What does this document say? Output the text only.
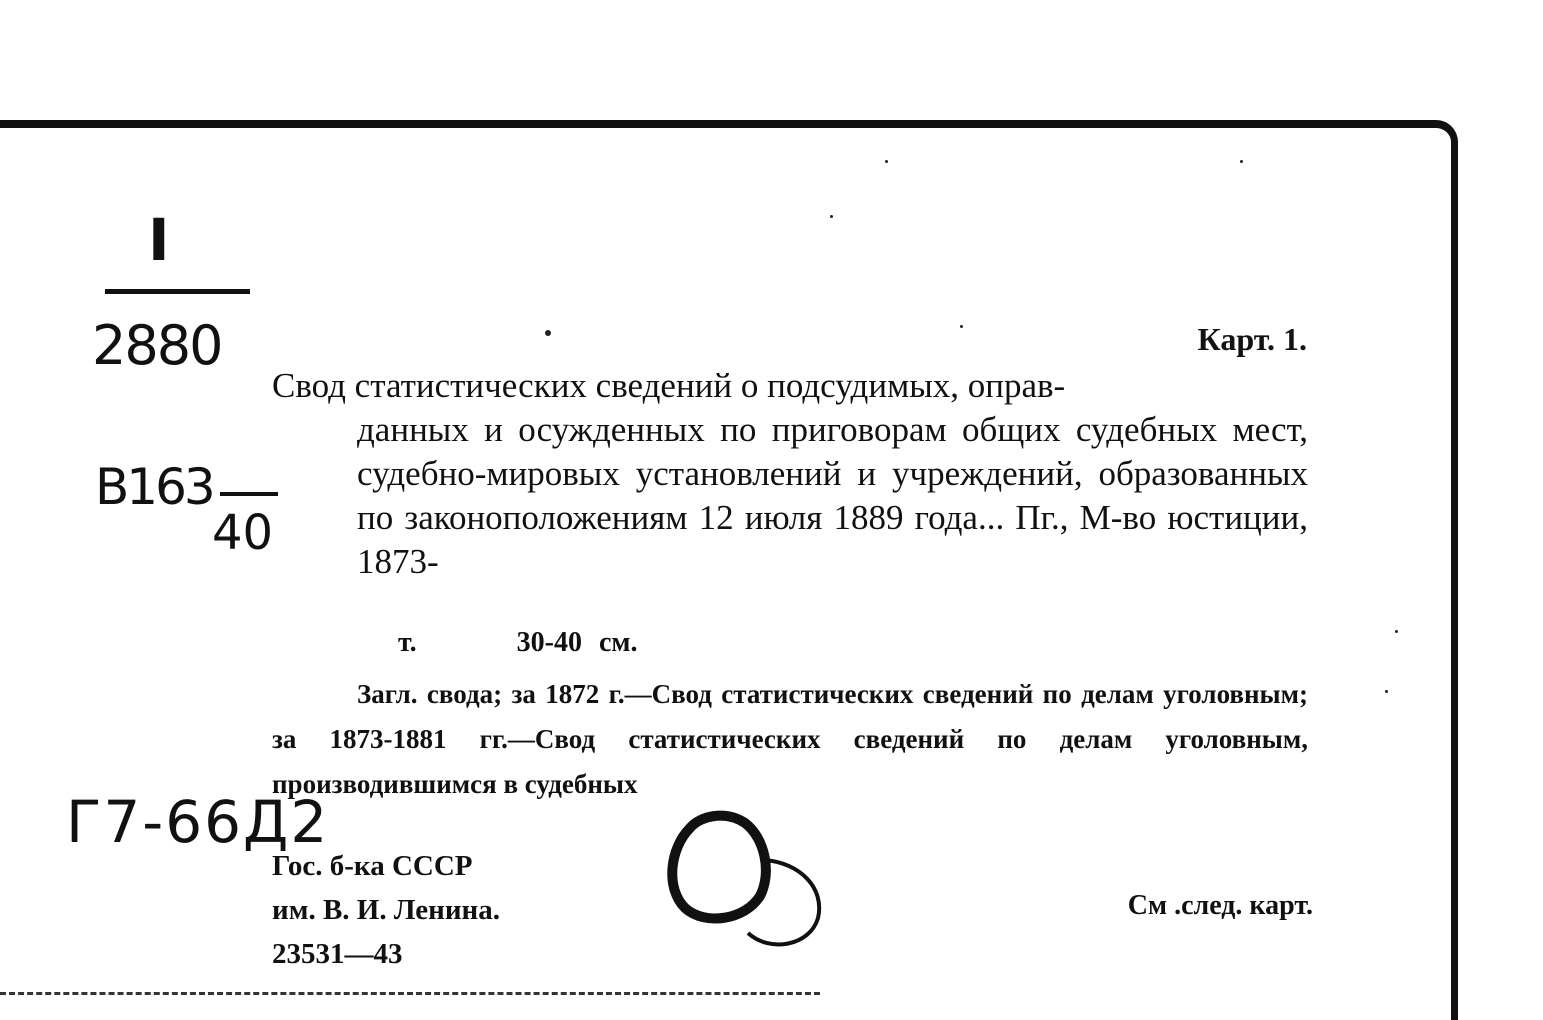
I
2880
B163
40
Г7-66Д2
Карт. 1.
Свод статистических сведений о подсудимых, оправ-
данных и осужденных по приговорам общих судебных мест, судебно-мировых установлений и учреждений, образованных по законоположениям 12 июля 1889 года... Пг., М-во юстиции, 1873-
т.	30-40 см.
Загл. свода; за 1872 г.—Свод статистических сведений по делам уголовным; за 1873-1881 гг.—Свод статистических сведений по делам уголовным, производившимся в судебных
Гос. б-ка СССР
им. В. И. Ленина.
23531—43
См .след. карт.
